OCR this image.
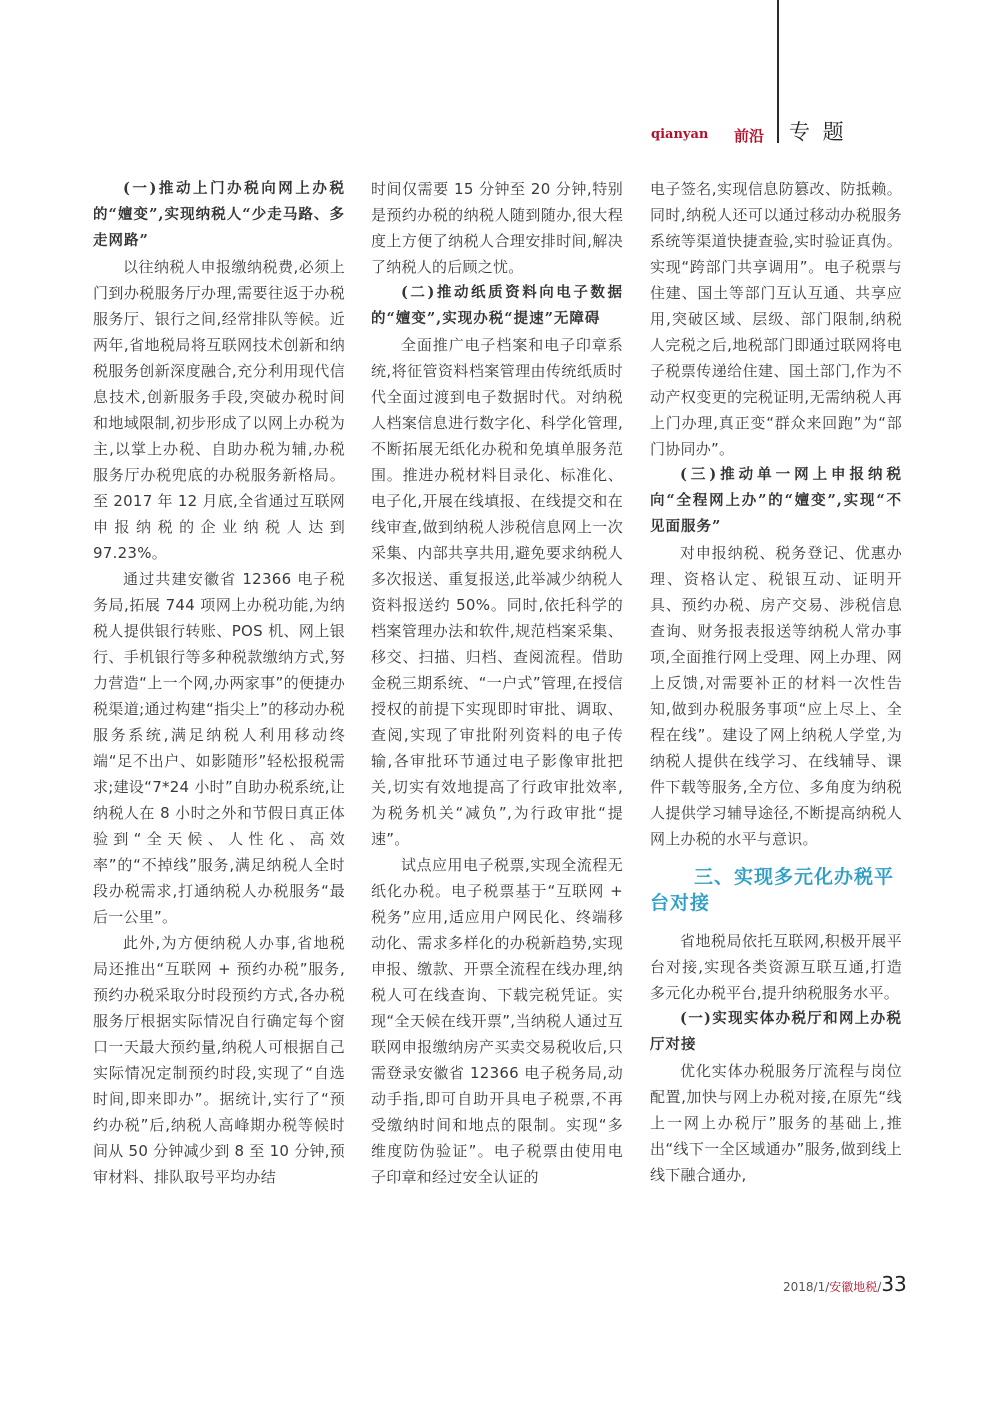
qianyan 前沿 专 题

(一)推动上门办税向网上办税的“嬗变”,实现纳税人“少走马路、多走网路”

以往纳税人申报缴纳税费,必须上门到办税服务厅办理,需要往返于办税服务厅、银行之间,经常排队等候。近两年,省地税局将互联网技术创新和纳税服务创新深度融合,充分利用现代信息技术,创新服务手段,突破办税时间和地域限制,初步形成了以网上办税为主,以掌上办税、自助办税为辅,办税服务厅办税兜底的办税服务新格局。至 2017 年 12 月底,全省通过互联网申报纳税的企业纳税人达到 97.23%。

通过共建安徽省 12366 电子税务局,拓展 744 项网上办税功能,为纳税人提供银行转账、POS 机、网上银行、手机银行等多种税款缴纳方式,努力营造“上一个网,办两家事”的便捷办税渠道;通过构建“指尖上”的移动办税服务系统,满足纳税人利用移动终端“足不出户、如影随形”轻松报税需求;建设“7*24 小时”自助办税系统,让纳税人在 8 小时之外和节假日真正体验到“全天候、人性化、高效率”的“不掉线”服务,满足纳税人全时段办税需求,打通纳税人办税服务“最后一公里”。

此外,为方便纳税人办事,省地税局还推出“互联网 + 预约办税”服务,预约办税采取分时段预约方式,各办税服务厅根据实际情况自行确定每个窗口一天最大预约量,纳税人可根据自己实际情况定制预约时段,实现了“自选时间,即来即办”。据统计,实行了“预约办税”后,纳税人高峰期办税等候时间从 50 分钟减少到 8 至 10 分钟,预审材料、排队取号平均办结

时间仅需要 15 分钟至 20 分钟,特别是预约办税的纳税人随到随办,很大程度上方便了纳税人合理安排时间,解决了纳税人的后顾之忧。

(二)推动纸质资料向电子数据的“嬗变”,实现办税“提速”无障碍

全面推广电子档案和电子印章系统,将征管资料档案管理由传统纸质时代全面过渡到电子数据时代。对纳税人档案信息进行数字化、科学化管理,不断拓展无纸化办税和免填单服务范围。推进办税材料目录化、标准化、电子化,开展在线填报、在线提交和在线审查,做到纳税人涉税信息网上一次采集、内部共享共用,避免要求纳税人多次报送、重复报送,此举减少纳税人资料报送约 50%。同时,依托科学的档案管理办法和软件,规范档案采集、移交、扫描、归档、查阅流程。借助金税三期系统、“一户式”管理,在授信授权的前提下实现即时审批、调取、查阅,实现了审批附列资料的电子传输,各审批环节通过电子影像审批把关,切实有效地提高了行政审批效率,为税务机关“减负”,为行政审批“提速”。

试点应用电子税票,实现全流程无纸化办税。电子税票基于“互联网 + 税务”应用,适应用户网民化、终端移动化、需求多样化的办税新趋势,实现申报、缴款、开票全流程在线办理,纳税人可在线查询、下载完税凭证。实现“全天候在线开票”,当纳税人通过互联网申报缴纳房产买卖交易税收后,只需登录安徽省 12366 电子税务局,动动手指,即可自助开具电子税票,不再受缴纳时间和地点的限制。实现“多维度防伪验证”。电子税票由使用电子印章和经过安全认证的

电子签名,实现信息防篡改、防抵赖。同时,纳税人还可以通过移动办税服务系统等渠道快捷查验,实时验证真伪。实现“跨部门共享调用”。电子税票与住建、国土等部门互认互通、共享应用,突破区域、层级、部门限制,纳税人完税之后,地税部门即通过联网将电子税票传递给住建、国土部门,作为不动产权变更的完税证明,无需纳税人再上门办理,真正变“群众来回跑”为“部门协同办”。

(三)推动单一网上申报纳税向“全程网上办”的“嬗变”,实现“不见面服务”

对申报纳税、税务登记、优惠办理、资格认定、税银互动、证明开具、预约办税、房产交易、涉税信息查询、财务报表报送等纳税人常办事项,全面推行网上受理、网上办理、网上反馈,对需要补正的材料一次性告知,做到办税服务事项“应上尽上、全程在线”。建设了网上纳税人学堂,为纳税人提供在线学习、在线辅导、课件下载等服务,全方位、多角度为纳税人提供学习辅导途径,不断提高纳税人网上办税的水平与意识。

三、实现多元化办税平台对接

省地税局依托互联网,积极开展平台对接,实现各类资源互联互通,打造多元化办税平台,提升纳税服务水平。

(一)实现实体办税厅和网上办税厅对接

优化实体办税服务厅流程与岗位配置,加快与网上办税对接,在原先“线上一网上办税厅”服务的基础上,推出“线下一全区域通办”服务,做到线上线下融合通办,

2018/1/安徽地税/33
